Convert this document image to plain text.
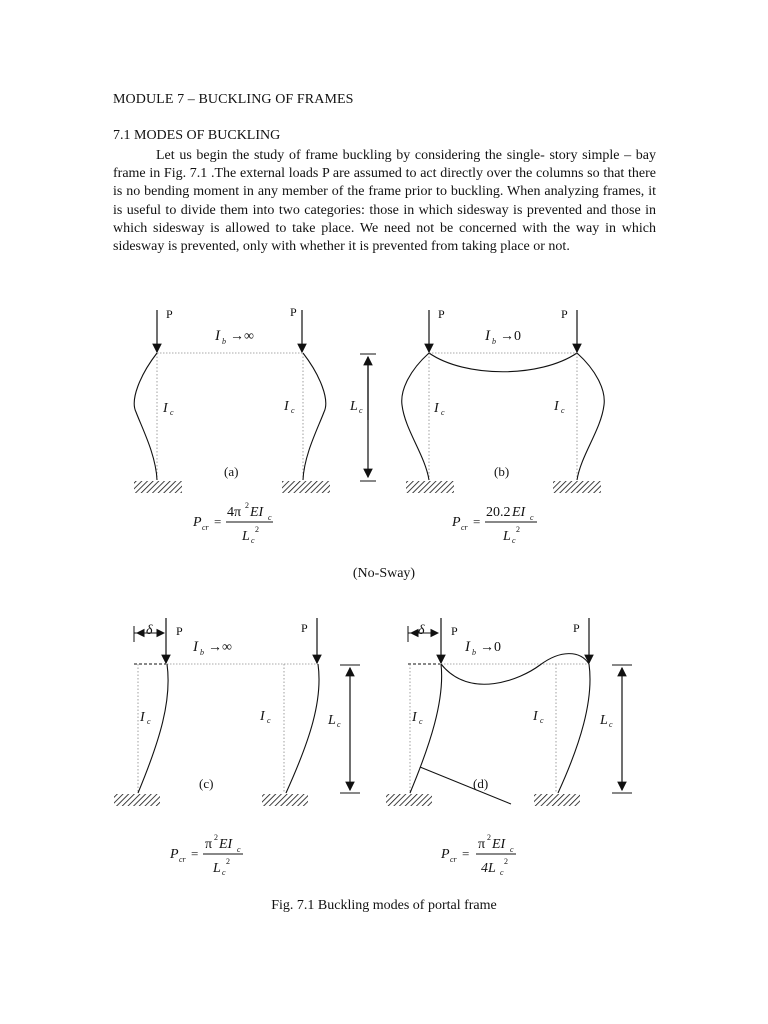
MODULE 7 – BUCKLING OF FRAMES
7.1 MODES OF BUCKLING
Let us begin the study of frame buckling by considering the single- story simple – bay frame in Fig. 7.1 .The external loads P are assumed to act directly over the columns so that there is no bending moment in any member of the frame prior to buckling. When analyzing frames, it is useful to divide them into two categories: those in which sidesway is prevented and those in which sidesway is allowed to take place. We need not be concerned with the way in which sidesway is prevented, only with whether it is prevented from taking place or not.
P	P
I b →∞
I c	I c
(a)
L c
P	P
I b →0
I c	I c
(b)
P cr =
4π 2 EI c
L c
2	P cr =
20.2 EI c
L c
2
δ P	P
I b →∞
I c	I c
(c)
L c
δ P	P
I b →0
I c	I c
(d)
L c
P cr =
π 2 EI c
L c
2	P cr =
π 2 EI c
4L c
2
(No-Sway)
Fig. 7.1 Buckling modes of portal frame
